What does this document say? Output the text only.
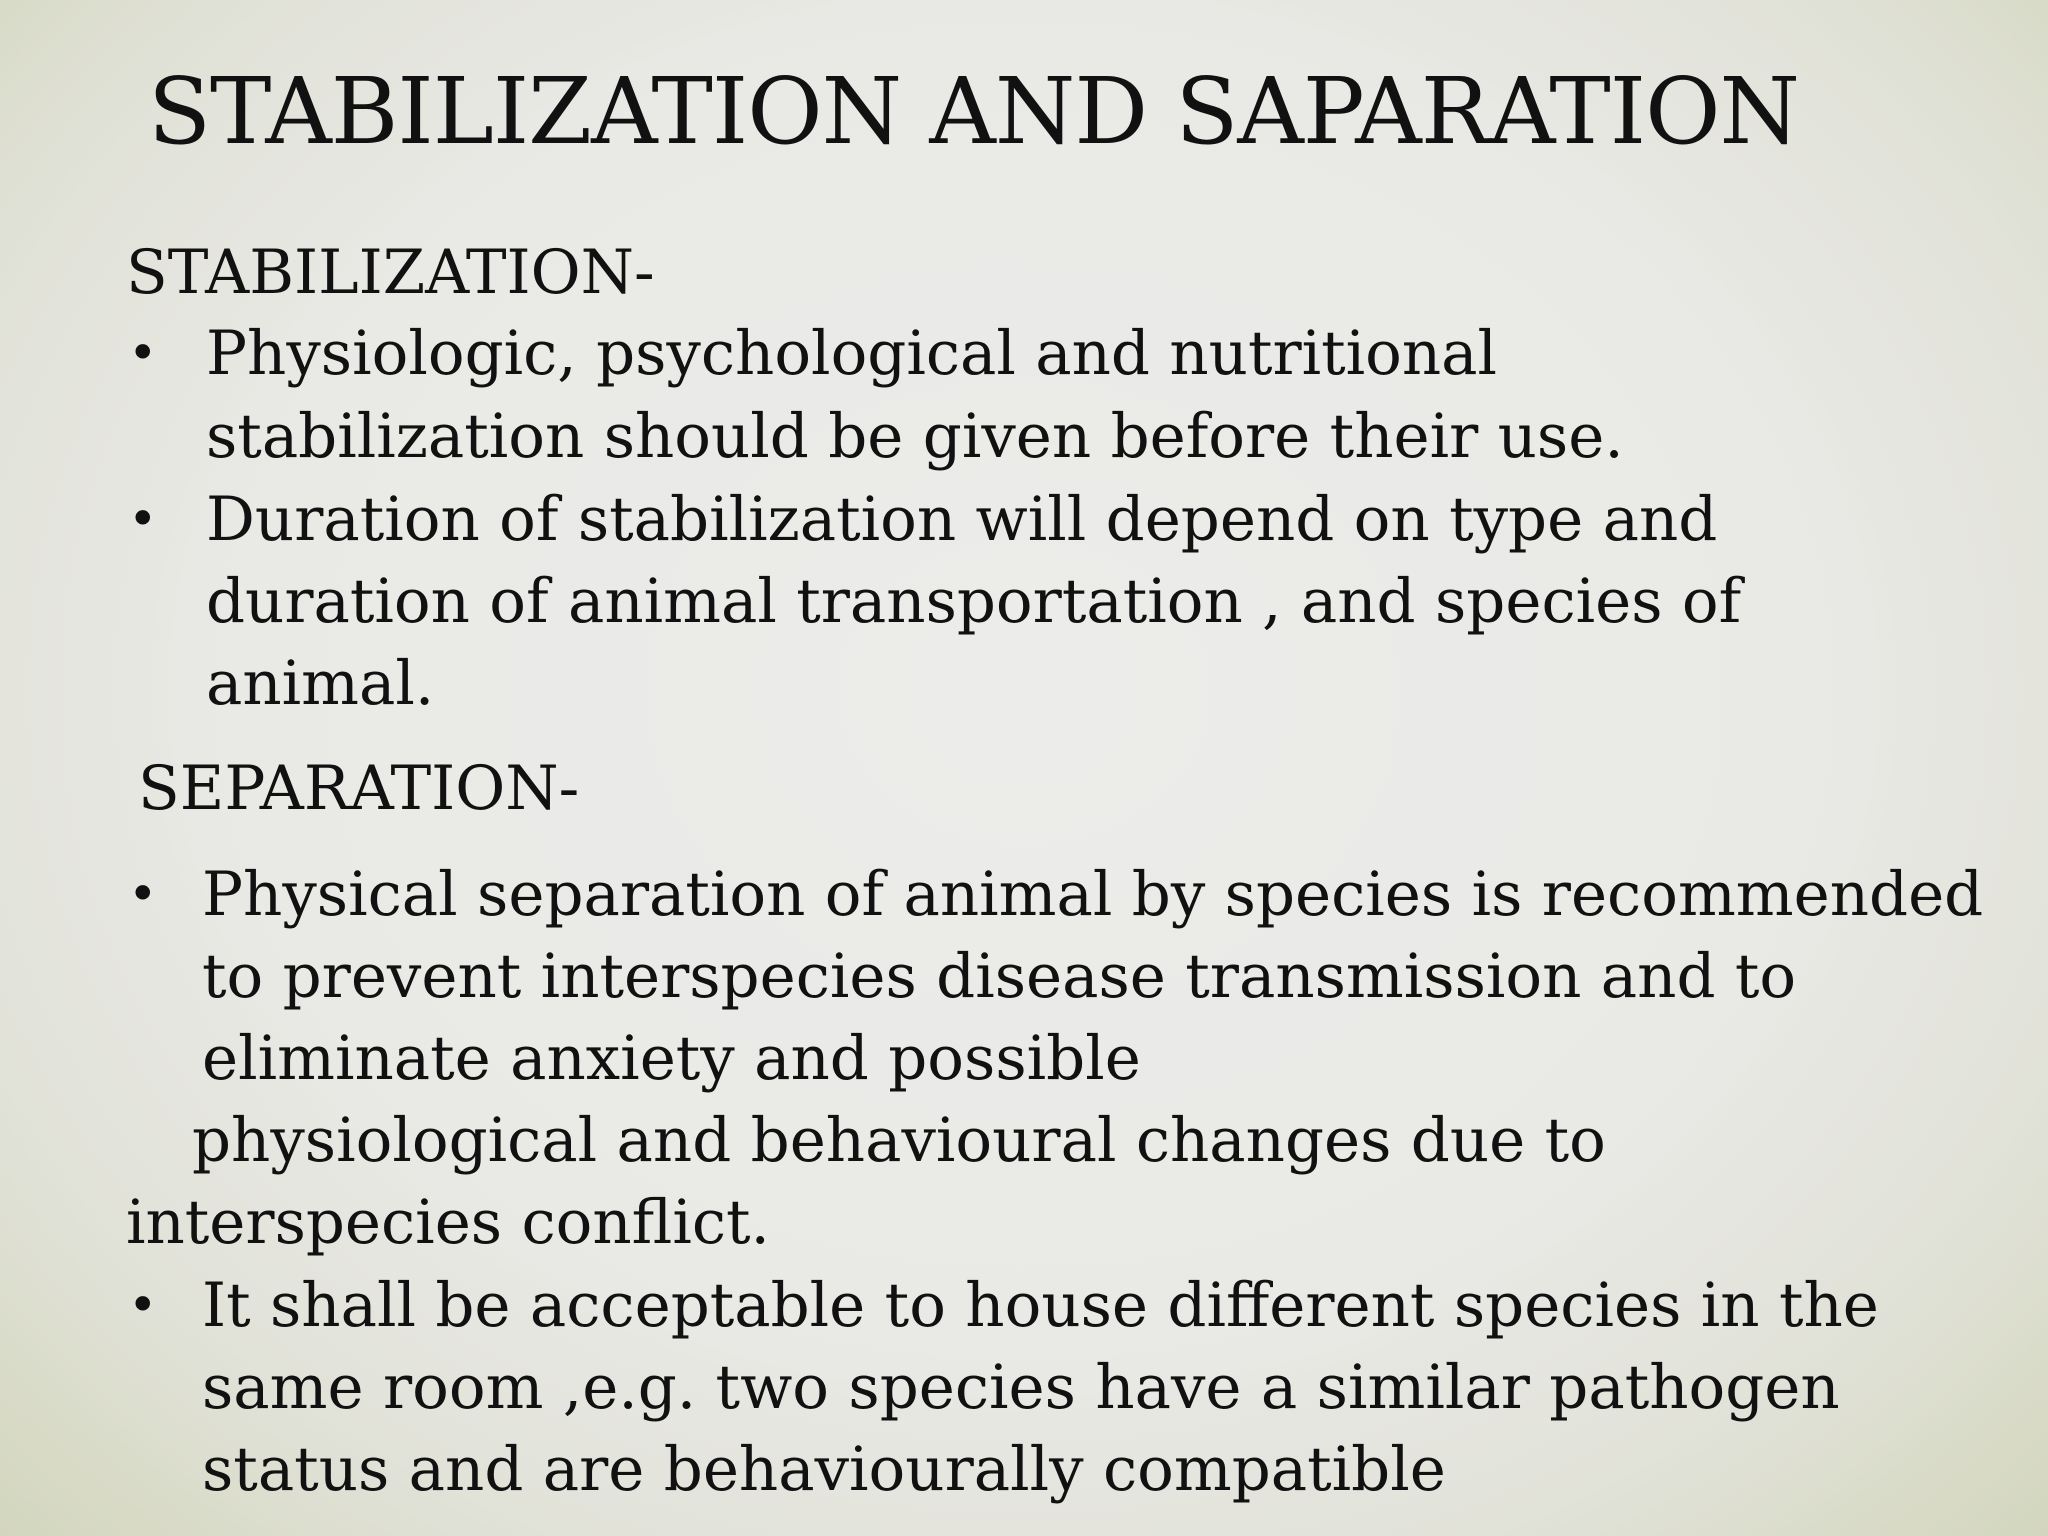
STABILIZATION AND SAPARATION
STABILIZATION-
• Physiologic, psychological and nutritional
stabilization should be given before their use.
• Duration of stabilization will depend on type and
duration of animal transportation , and species of
animal.
SEPARATION-
• Physical separation of animal by species is recommended
to prevent interspecies disease transmission and to
eliminate anxiety and possible
physiological and behavioural changes due to
interspecies conflict.
• It shall be acceptable to house different species in the
same room ,e.g. two species have a similar pathogen
status and are behaviourally compatible
